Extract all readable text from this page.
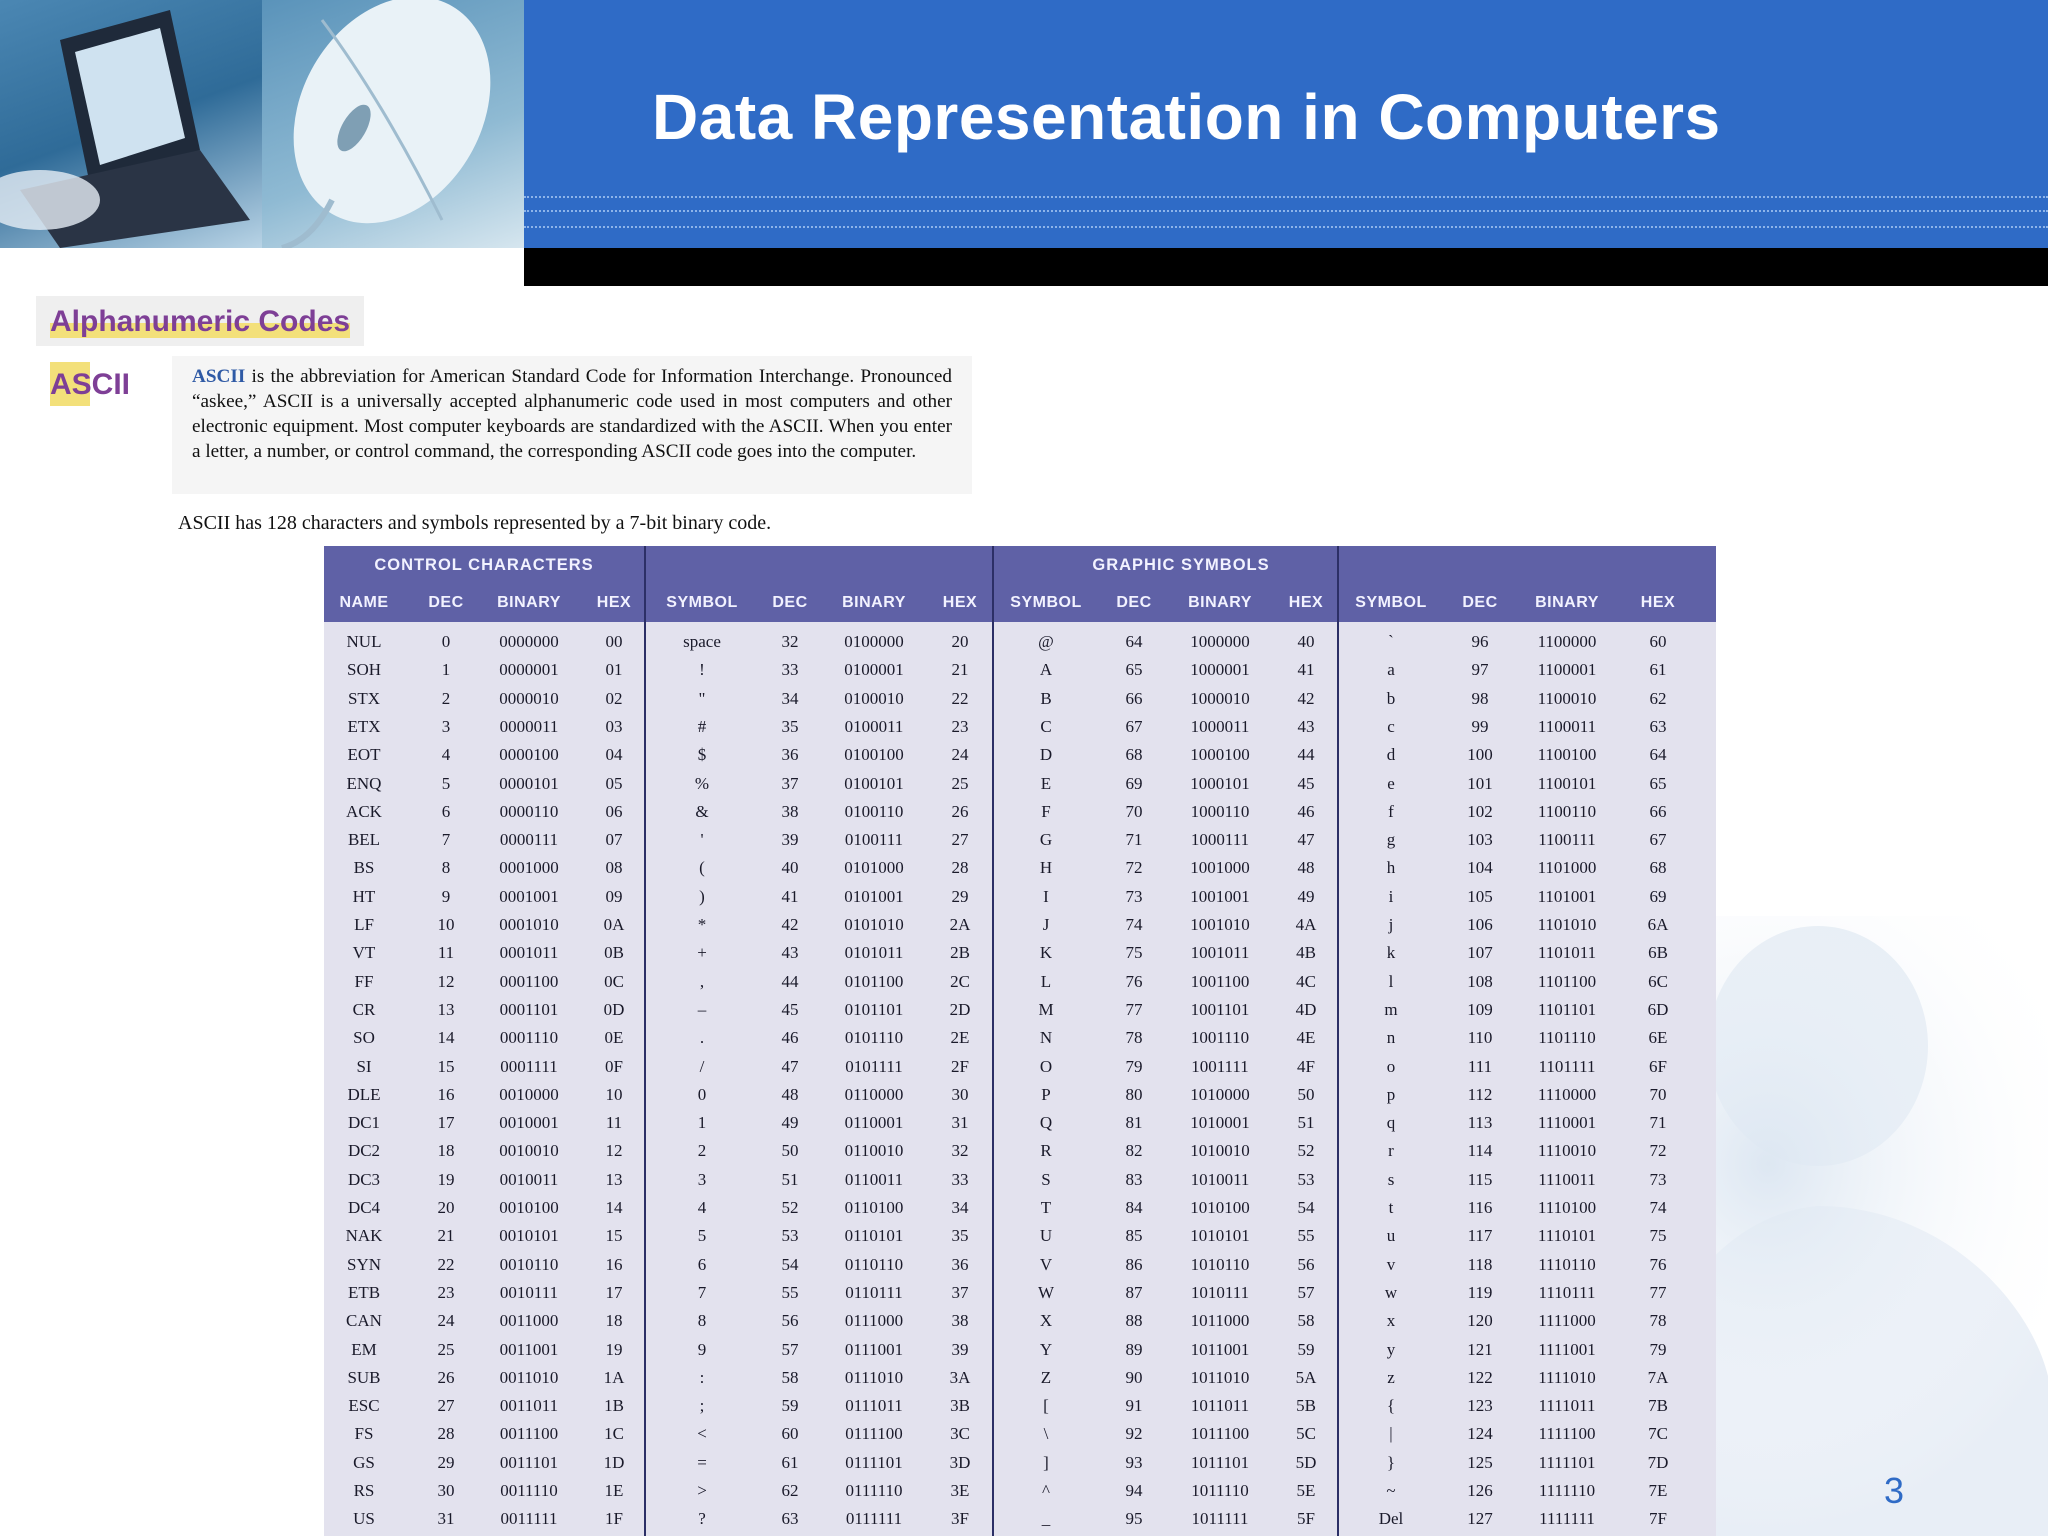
Data Representation in Computers
Alphanumeric Codes
ASCII	ASCII is the abbreviation for American Standard Code for Information Interchange. Pronounced “askee,” ASCII is a universally accepted alphanumeric code used in most computers and other electronic equipment. Most computer keyboards are standardized with the ASCII. When you enter a letter, a number, or control command, the corresponding ASCII code goes into the computer.
ASCII has 128 characters and symbols represented by a 7-bit binary code.
CONTROL CHARACTERS	GRAPHIC SYMBOLS
NAME	DEC	BINARY	HEX	SYMBOL	DEC	BINARY	HEX	SYMBOL	DEC	BINARY	HEX	SYMBOL	DEC	BINARY	HEX
NUL	0	0000000	00	space	32	0100000	20	@	64	1000000	40	`	96	1100000	60
SOH	1	0000001	01	!	33	0100001	21	A	65	1000001	41	a	97	1100001	61
STX	2	0000010	02	"	34	0100010	22	B	66	1000010	42	b	98	1100010	62
ETX	3	0000011	03	#	35	0100011	23	C	67	1000011	43	c	99	1100011	63
EOT	4	0000100	04	$	36	0100100	24	D	68	1000100	44	d	100	1100100	64
ENQ	5	0000101	05	%	37	0100101	25	E	69	1000101	45	e	101	1100101	65
ACK	6	0000110	06	&	38	0100110	26	F	70	1000110	46	f	102	1100110	66
BEL	7	0000111	07	'	39	0100111	27	G	71	1000111	47	g	103	1100111	67
BS	8	0001000	08	(	40	0101000	28	H	72	1001000	48	h	104	1101000	68
HT	9	0001001	09	)	41	0101001	29	I	73	1001001	49	i	105	1101001	69
LF	10	0001010	0A	*	42	0101010	2A	J	74	1001010	4A	j	106	1101010	6A
VT	11	0001011	0B	+	43	0101011	2B	K	75	1001011	4B	k	107	1101011	6B
FF	12	0001100	0C	,	44	0101100	2C	L	76	1001100	4C	l	108	1101100	6C
CR	13	0001101	0D	–	45	0101101	2D	M	77	1001101	4D	m	109	1101101	6D
SO	14	0001110	0E	.	46	0101110	2E	N	78	1001110	4E	n	110	1101110	6E
SI	15	0001111	0F	/	47	0101111	2F	O	79	1001111	4F	o	111	1101111	6F
DLE	16	0010000	10	0	48	0110000	30	P	80	1010000	50	p	112	1110000	70
DC1	17	0010001	11	1	49	0110001	31	Q	81	1010001	51	q	113	1110001	71
DC2	18	0010010	12	2	50	0110010	32	R	82	1010010	52	r	114	1110010	72
DC3	19	0010011	13	3	51	0110011	33	S	83	1010011	53	s	115	1110011	73
DC4	20	0010100	14	4	52	0110100	34	T	84	1010100	54	t	116	1110100	74
NAK	21	0010101	15	5	53	0110101	35	U	85	1010101	55	u	117	1110101	75
SYN	22	0010110	16	6	54	0110110	36	V	86	1010110	56	v	118	1110110	76
ETB	23	0010111	17	7	55	0110111	37	W	87	1010111	57	w	119	1110111	77
CAN	24	0011000	18	8	56	0111000	38	X	88	1011000	58	x	120	1111000	78
EM	25	0011001	19	9	57	0111001	39	Y	89	1011001	59	y	121	1111001	79
SUB	26	0011010	1A	:	58	0111010	3A	Z	90	1011010	5A	z	122	1111010	7A
ESC	27	0011011	1B	;	59	0111011	3B	[	91	1011011	5B	{	123	1111011	7B
FS	28	0011100	1C	<	60	0111100	3C	\	92	1011100	5C	|	124	1111100	7C
GS	29	0011101	1D	=	61	0111101	3D	]	93	1011101	5D	}	125	1111101	7D
RS	30	0011110	1E	>	62	0111110	3E	^	94	1011110	5E	~	126	1111110	7E
US	31	0011111	1F	?	63	0111111	3F	_	95	1011111	5F	Del	127	1111111	7F
3
